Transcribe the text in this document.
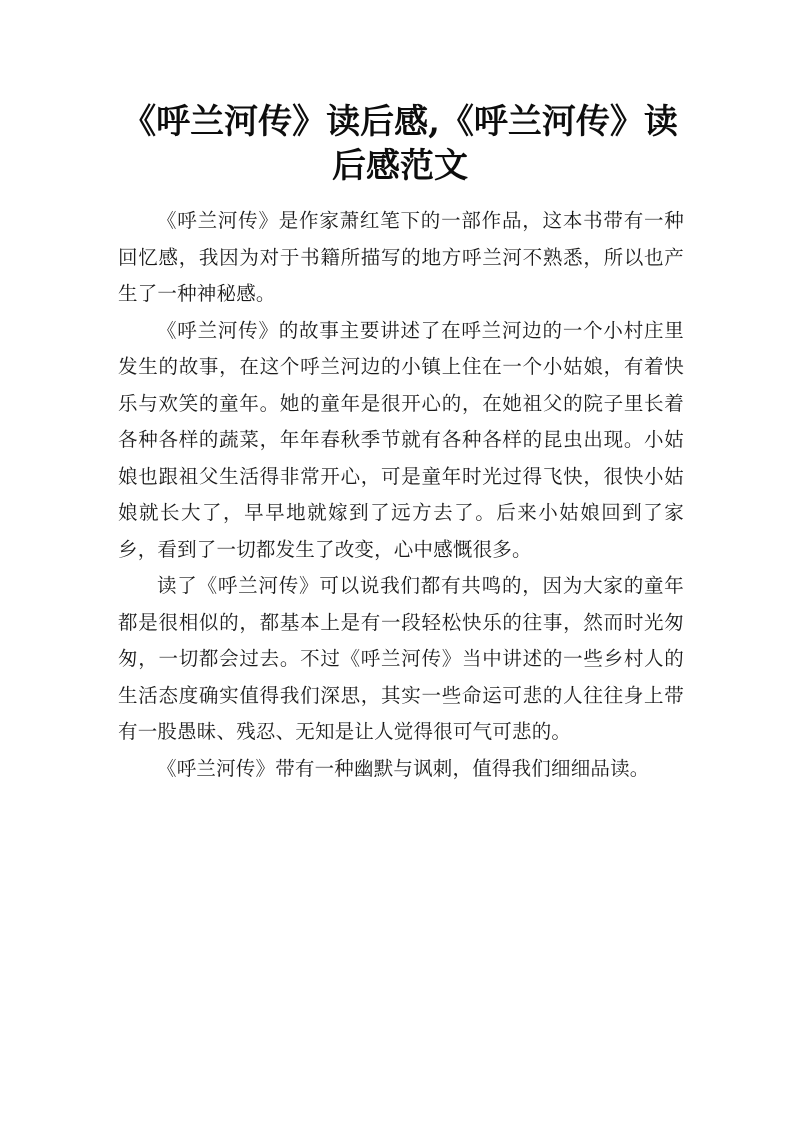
《呼兰河传》读后感,《呼兰河传》读后感范文

《呼兰河传》是作家萧红笔下的一部作品，这本书带有一种回忆感，我因为对于书籍所描写的地方呼兰河不熟悉，所以也产生了一种神秘感。

《呼兰河传》的故事主要讲述了在呼兰河边的一个小村庄里发生的故事，在这个呼兰河边的小镇上住在一个小姑娘，有着快乐与欢笑的童年。她的童年是很开心的，在她祖父的院子里长着各种各样的蔬菜，年年春秋季节就有各种各样的昆虫出现。小姑娘也跟祖父生活得非常开心，可是童年时光过得飞快，很快小姑娘就长大了，早早地就嫁到了远方去了。后来小姑娘回到了家乡，看到了一切都发生了改变，心中感慨很多。

读了《呼兰河传》可以说我们都有共鸣的，因为大家的童年都是很相似的，都基本上是有一段轻松快乐的往事，然而时光匆匆，一切都会过去。不过《呼兰河传》当中讲述的一些乡村人的生活态度确实值得我们深思，其实一些命运可悲的人往往身上带有一股愚昧、残忍、无知是让人觉得很可气可悲的。

《呼兰河传》带有一种幽默与讽刺，值得我们细细品读。
